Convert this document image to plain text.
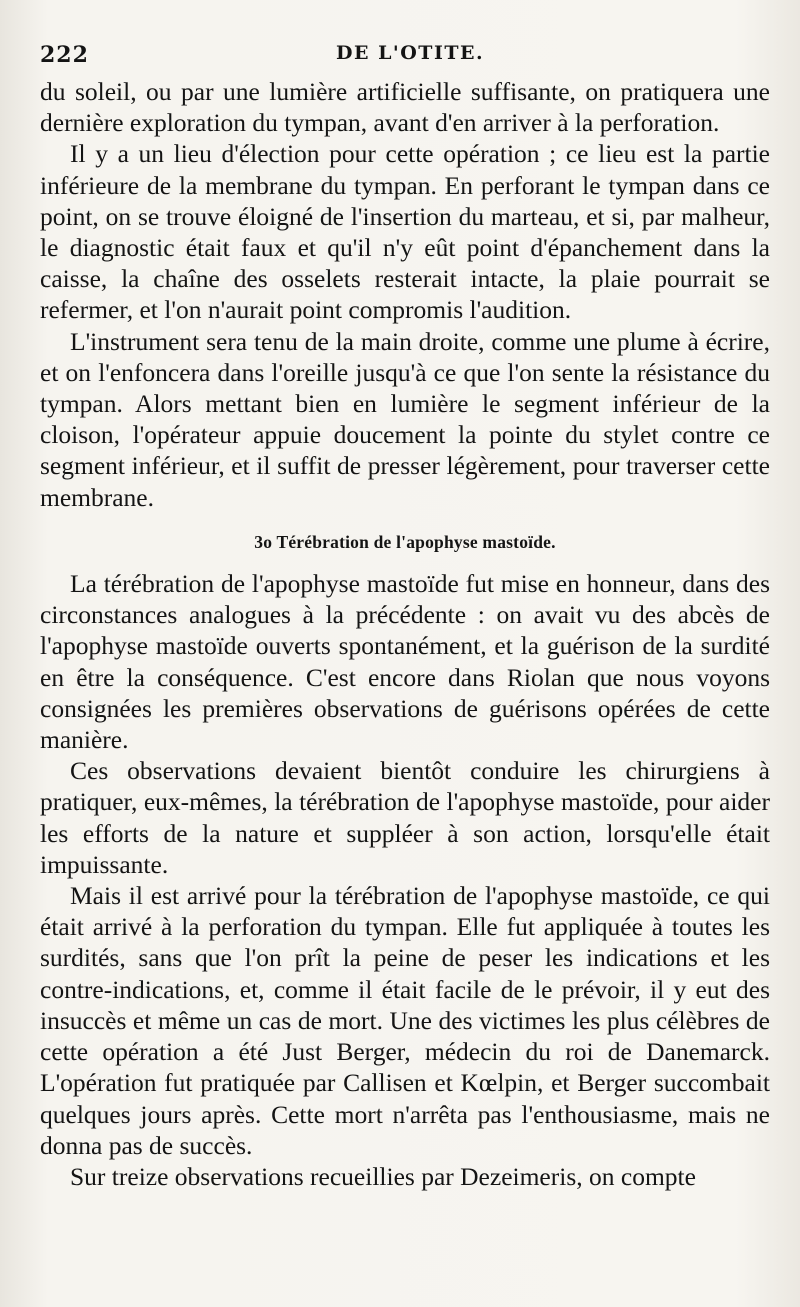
222	DE L'OTITE.

du soleil, ou par une lumière artificielle suffisante, on pratiquera une dernière exploration du tympan, avant d'en arriver à la perforation.

Il y a un lieu d'élection pour cette opération ; ce lieu est la partie inférieure de la membrane du tympan. En perforant le tympan dans ce point, on se trouve éloigné de l'insertion du marteau, et si, par malheur, le diagnostic était faux et qu'il n'y eût point d'épanchement dans la caisse, la chaîne des osselets resterait intacte, la plaie pourrait se refermer, et l'on n'aurait point compromis l'audition.

L'instrument sera tenu de la main droite, comme une plume à écrire, et on l'enfoncera dans l'oreille jusqu'à ce que l'on sente la résistance du tympan. Alors mettant bien en lumière le segment inférieur de la cloison, l'opérateur appuie doucement la pointe du stylet contre ce segment inférieur, et il suffit de presser légèrement, pour traverser cette membrane.

3o Térébration de l'apophyse mastoïde.

La térébration de l'apophyse mastoïde fut mise en honneur, dans des circonstances analogues à la précédente : on avait vu des abcès de l'apophyse mastoïde ouverts spontanément, et la guérison de la surdité en être la conséquence. C'est encore dans Riolan que nous voyons consignées les premières observations de guérisons opérées de cette manière.

Ces observations devaient bientôt conduire les chirurgiens à pratiquer, eux-mêmes, la térébration de l'apophyse mastoïde, pour aider les efforts de la nature et suppléer à son action, lorsqu'elle était impuissante.

Mais il est arrivé pour la térébration de l'apophyse mastoïde, ce qui était arrivé à la perforation du tympan. Elle fut appliquée à toutes les surdités, sans que l'on prît la peine de peser les indications et les contre-indications, et, comme il était facile de le prévoir, il y eut des insuccès et même un cas de mort. Une des victimes les plus célèbres de cette opération a été Just Berger, médecin du roi de Danemarck. L'opération fut pratiquée par Callisen et Kœlpin, et Berger succombait quelques jours après. Cette mort n'arrêta pas l'enthousiasme, mais ne donna pas de succès.

Sur treize observations recueillies par Dezeimeris, on compte
